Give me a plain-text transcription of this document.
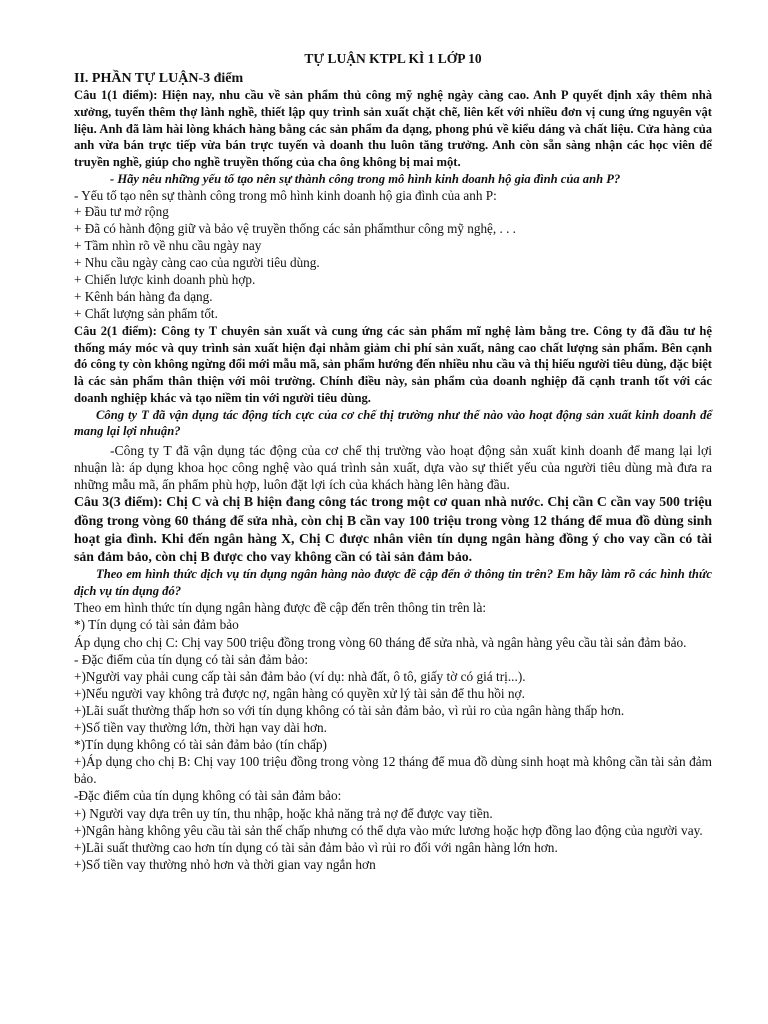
TỰ LUẬN KTPL KÌ 1 LỚP 10

II. PHẦN TỰ LUẬN-3 điểm

Câu 1(1 điểm): Hiện nay, nhu cầu về sản phẩm thủ công mỹ nghệ ngày càng cao. Anh P quyết định xây thêm nhà xưởng, tuyển thêm thợ lành nghề, thiết lập quy trình sản xuất chặt chẽ, liên kết với nhiều đơn vị cung ứng nguyên vật liệu. Anh đã làm hài lòng khách hàng bằng các sản phẩm đa dạng, phong phú về kiểu dáng và chất liệu. Cửa hàng của anh vừa bán trực tiếp vừa bán trực tuyến và doanh thu luôn tăng trưởng. Anh còn sẵn sàng nhận các học viên để truyền nghề, giúp cho nghề truyền thống của cha ông không bị mai một.

- Hãy nêu những yếu tố tạo nên sự thành công trong mô hình kinh doanh hộ gia đình của anh P?

- Yếu tố tạo nên sự thành công trong mô hình kinh doanh hộ gia đình của anh P:

+ Đầu tư mở rộng

+ Đã có hành động giữ và bảo vệ truyền thống các sản phẩmthur công mỹ nghệ, . . .

+ Tầm nhìn rõ về nhu cầu ngày nay

+ Nhu cầu ngày càng cao của người tiêu dùng.

+ Chiến lược kinh doanh phù hợp.

+ Kênh bán hàng đa dạng.

+ Chất lượng sản phẩm tốt.

Câu 2(1 điểm): Công ty T chuyên sản xuất và cung ứng các sản phẩm mĩ nghệ làm bằng tre. Công ty đã đầu tư hệ thống máy móc và quy trình sản xuất hiện đại nhằm giảm chi phí sản xuất, nâng cao chất lượng sản phẩm. Bên cạnh đó công ty còn không ngừng đổi mới mẫu mã, sản phẩm hướng đến nhiều nhu cầu và thị hiếu người tiêu dùng, đặc biệt là các sản phẩm thân thiện với môi trường. Chính điều này, sản phẩm của doanh nghiệp đã cạnh tranh tốt với các doanh nghiệp khác và tạo niềm tin với người tiêu dùng.

Công ty T đã vận dụng tác động tích cực của cơ chế thị trường như thế nào vào hoạt động sản xuất kinh doanh để mang lại lợi nhuận?

-Công ty T đã vận dụng tác động của cơ chế thị trường vào hoạt động sản xuất kinh doanh để mang lại lợi nhuận là: áp dụng khoa học công nghệ vào quá trình sản xuất, dựa vào sự thiết yếu của người tiêu dùng mà đưa ra những mẫu mã, ấn phẩm phù hợp, luôn đặt lợi ích của khách hàng lên hàng đầu.

Câu 3(3 điểm): Chị C và chị B hiện đang công tác trong một cơ quan nhà nước. Chị cần C cần vay 500 triệu đồng trong vòng 60 tháng để sửa nhà, còn chị B cần vay 100 triệu trong vòng 12 tháng để mua đồ dùng sinh hoạt gia đình. Khi đến ngân hàng X, Chị C được nhân viên tín dụng ngân hàng đồng ý cho vay cần có tài sản đảm bảo, còn chị B được cho vay không cần có tài sản đảm bảo.

Theo em hình thức dịch vụ tín dụng ngân hàng nào được đề cập đến ở thông tin trên? Em hãy làm rõ các hình thức dịch vụ tín dụng đó?

Theo em hình thức tín dụng ngân hàng được đề cập đến trên thông tin trên là:

*) Tín dụng có tài sản đảm bảo

Áp dụng cho chị C: Chị vay 500 triệu đồng trong vòng 60 tháng để sửa nhà, và ngân hàng yêu cầu tài sản đảm bảo.

- Đặc điểm của tín dụng có tài sản đảm bảo:

+)Người vay phải cung cấp tài sản đảm bảo (ví dụ: nhà đất, ô tô, giấy tờ có giá trị...).

+)Nếu người vay không trả được nợ, ngân hàng có quyền xử lý tài sản để thu hồi nợ.

+)Lãi suất thường thấp hơn so với tín dụng không có tài sản đảm bảo, vì rủi ro của ngân hàng thấp hơn.

+)Số tiền vay thường lớn, thời hạn vay dài hơn.

*)Tín dụng không có tài sản đảm bảo (tín chấp)

+)Áp dụng cho chị B: Chị vay 100 triệu đồng trong vòng 12 tháng để mua đồ dùng sinh hoạt mà không cần tài sản đảm bảo.

-Đặc điểm của tín dụng không có tài sản đảm bảo:

+) Người vay dựa trên uy tín, thu nhập, hoặc khả năng trả nợ để được vay tiền.

+)Ngân hàng không yêu cầu tài sản thế chấp nhưng có thể dựa vào mức lương hoặc hợp đồng lao động của người vay.

+)Lãi suất thường cao hơn tín dụng có tài sản đảm bảo vì rủi ro đối với ngân hàng lớn hơn.

+)Số tiền vay thường nhỏ hơn và thời gian vay ngắn hơn
